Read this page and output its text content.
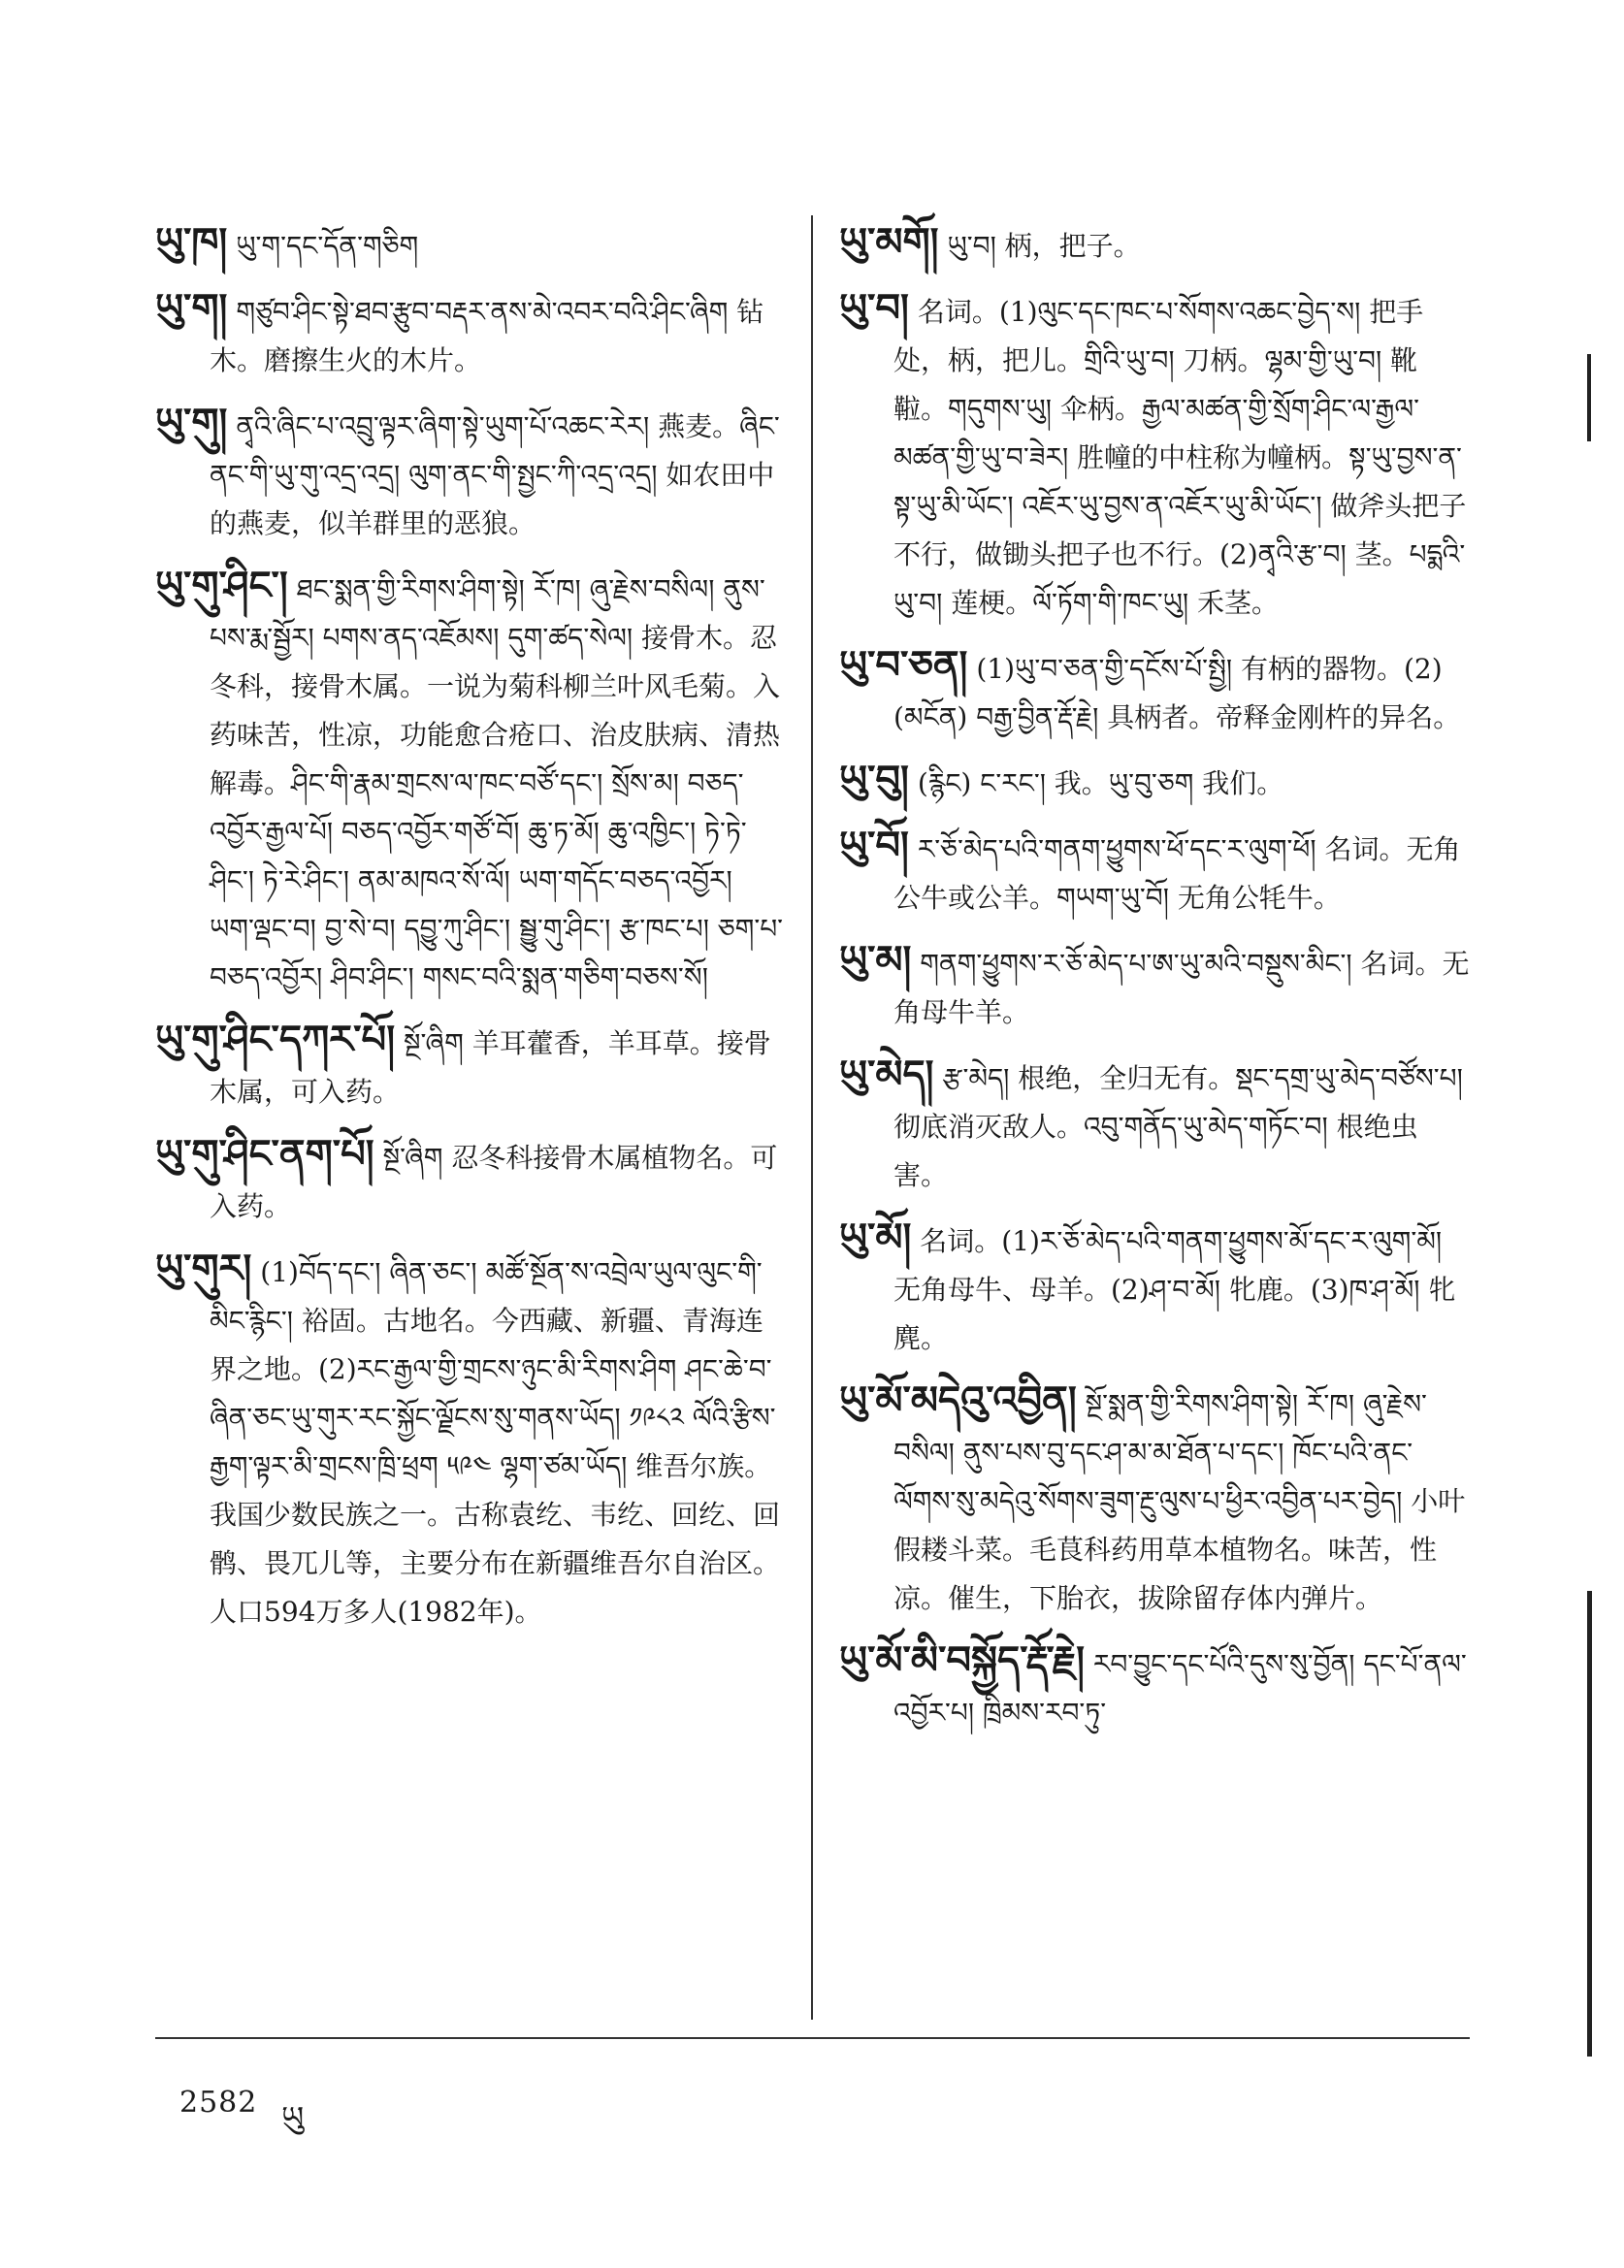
ཡུ་ཁ། ཡུ་ག་དང་དོན་གཅིག
ཡུ་ག། གཙུབ་ཤིང་སྟེ་ཐབ་རྩུབ་བརྡར་ནས་མེ་འབར་བའི་ཤིང་ཞིག 钻木。磨擦生火的木片。
ཡུ་གུ། ནྭའི་ཞིང་པ་འབྲུ་ལྟར་ཞིག་སྟེ་ཡུག་པོ་འཆང་རེར། 燕麦。ཞིང་ནང་གི་ཡུ་གུ་འདྲ་འདྲ། ལུག་ནང་གི་སྤྱང་ཀི་འདྲ་འདྲ། 如农田中的燕麦，似羊群里的恶狼。
ཡུ་གུ་ཤིང་། ཐང་སྨན་གྱི་རིགས་ཤིག་སྟེ། རོ་ཁ། ཞུ་རྗེས་བསིལ། ནུས་པས་རྨ་སྦྱོར། པགས་ནད་འཇོམས། དུག་ཚད་སེལ། 接骨木。忍冬科，接骨木属。一说为菊科柳兰叶风毛菊。入药味苦，性凉，功能愈合疮口、治皮肤病、清热解毒。ཤིང་གི་རྣམ་གྲངས་ལ་ཁང་བཙོ་དང་། སྲོས་མ། བཅད་འབྱོར་རྒྱལ་པོ། བཅད་འབྱོར་གཙོ་བོ། ཆུ་ཏ་མོ། ཆུ་འཁྱིང་། ཏེ་ཏེ་ཤིང་། ཏེ་རེ་ཤིང་། ནམ་མཁའ་སོ་ལོ། ཡག་གདོང་བཅད་འབྱོར། ཡག་ལྡང་བ། བྱ་སེ་བ། དབྱུ་ཀུ་ཤིང་། སྦྱུ་གུ་ཤིང་། རྩ་ཁང་པ། ཅག་པ་བཅད་འབྱོར། ཤིབ་ཤིང་། གསང་བའི་སྨན་གཅིག་བཅས་སོ།
ཡུ་གུ་ཤིང་དཀར་པོ། སྔོ་ཞིག 羊耳藿香，羊耳草。接骨木属，可入药。
ཡུ་གུ་ཤིང་ནག་པོ། སྔོ་ཞིག 忍冬科接骨木属植物名。可入药。
ཡུ་གུར། (1)བོད་དང་། ཞིན་ཅང་། མཚོ་སྔོན་ས་འབྲེལ་ཡུལ་ལུང་གི་མིང་རྙིང་། 裕固。古地名。今西藏、新疆、青海连界之地。(2)རང་རྒྱལ་གྱི་གྲངས་ཉུང་མི་རིགས་ཤིག ཤང་ཆེ་བ་ཞིན་ཅང་ཡུ་གུར་རང་སྐྱོང་ལྗོངས་སུ་གནས་ཡོད། ༡༩༨༢ ལོའི་རྩིས་རྒྱག་ལྟར་མི་གྲངས་ཁྲི་ཕྲག ༥༩༤ ལྷག་ཙམ་ཡོད། 维吾尔族。我国少数民族之一。古称袁纥、韦纥、回纥、回鹘、畏兀儿等，主要分布在新疆维吾尔自治区。人口594万多人(1982年)。
ཡུ་མགོ། ཡུ་བ། 柄，把子。
ཡུ་བ། 名词。(1)ལུང་དང་ཁང་པ་སོགས་འཆང་བྱེད་ས། 把手处，柄，把儿。གྲིའི་ཡུ་བ། 刀柄。ལྷམ་གྱི་ཡུ་བ། 靴鞡。གདུགས་ཡུ། 伞柄。རྒྱལ་མཚན་གྱི་སྲོག་ཤིང་ལ་རྒྱལ་མཚན་གྱི་ཡུ་བ་ཟེར། 胜幢的中柱称为幢柄。སྟ་ཡུ་བྱས་ན་སྟ་ཡུ་མི་ཡོང་། འཇོར་ཡུ་བྱས་ན་འཇོར་ཡུ་མི་ཡོང་། 做斧头把子不行，做锄头把子也不行。(2)ནྭའི་རྩ་བ། 茎。པདྨའི་ཡུ་བ། 莲梗。ལོ་ཏོག་གི་ཁང་ཡུ། 禾茎。
ཡུ་བ་ཅན། (1)ཡུ་བ་ཅན་གྱི་དངོས་པོ་སྤྱི། 有柄的器物。(2)(མངོན) བརྒྱ་བྱིན་རྡོ་རྗེ། 具柄者。帝释金刚杵的异名。
ཡུ་བུ། (རྙིང) ང་རང་། 我。ཡུ་བུ་ཅག 我们。
ཡུ་བོ། ར་ཅོ་མེད་པའི་གནག་ཕྱུགས་ཕོ་དང་ར་ལུག་ཕོ། 名词。无角公牛或公羊。གཡག་ཡུ་བོ། 无角公牦牛。
ཡུ་མ། གནག་ཕྱུགས་ར་ཅོ་མེད་པ་ཨ་ཡུ་མའི་བསྡུས་མིང་། 名词。无角母牛羊。
ཡུ་མེད། རྩ་མེད། 根绝，全归无有。སྡང་དགྲ་ཡུ་མེད་བཙོས་པ། 彻底消灭敌人。འབུ་གནོད་ཡུ་མེད་གཏོང་བ། 根绝虫害。
ཡུ་མོ། 名词。(1)ར་ཅོ་མེད་པའི་གནག་ཕྱུགས་མོ་དང་ར་ལུག་མོ། 无角母牛、母羊。(2)ཤ་བ་མོ། 牝鹿。(3)ཁ་ཤ་མོ། 牝麂。
ཡུ་མོ་མདེའུ་འབྱིན། སྔོ་སྨན་གྱི་རིགས་ཤིག་སྟེ། རོ་ཁ། ཞུ་རྗེས་བསིལ། ནུས་པས་བུ་དང་ཤ་མ་མ་ཐོན་པ་དང་། ཁོང་པའི་ནང་ལོགས་སུ་མདེའུ་སོགས་ཟུག་རྔུ་ལུས་པ་ཕྱིར་འབྱིན་པར་བྱེད། 小叶假耧斗菜。毛茛科药用草本植物名。味苦，性凉。催生，下胎衣，拔除留存体内弹片。
ཡུ་མོ་མི་བསྐྱོད་རྡོ་རྗེ། རབ་བྱུང་དང་པོའི་དུས་སུ་བྱོན། དང་པོ་ནལ་འབྱོར་པ། ཁྲིམས་རབ་ཏུ་
2582 ཡུ
